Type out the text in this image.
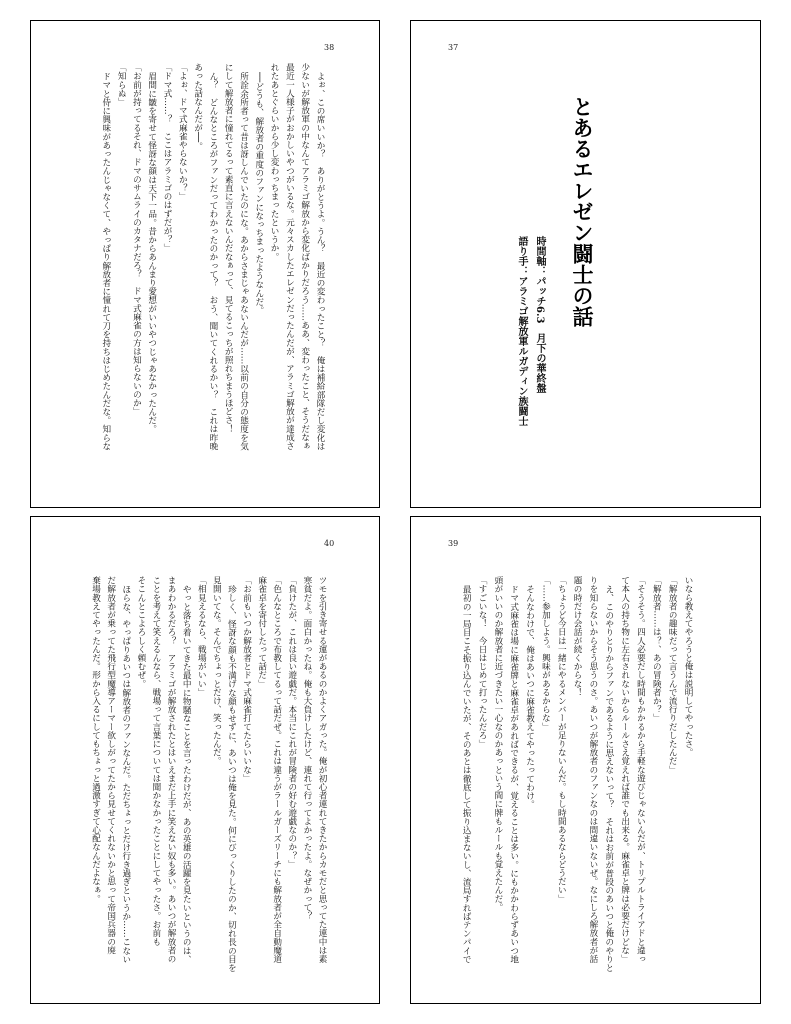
38
よぉ、この席いいか？　ありがとうよ。うん？　最近の変わったこと？　俺は補給部隊だし変化は
少ないが解放軍の中なんてアラミゴ解放から変化ばかりだろう……ああ、変わったこと、そうだなぁ
最近一人様子がおかしいやつがいるな。元々スカしたエレゼンだったんだが、アラミゴ解放が達成さ
れたあとぐらいから少し変わっちまったというか。
──どうも、解放者の重度のファンになっちまったようなんだ。
所詮余所者って昔は訝しんでいたのにな。あからさまじゃあないんだが……以前の自分の態度を気
にして解放者に憧れてるって素直に言えないんだなぁって、見てるこっちが照れちまうほどさ！
ん？　どんなところがファンだってわかったのかって？　おう、聞いてくれるかい？　これは昨晩
あった話なんだが──。
「よぉ、ドマ式麻雀やらないか？」
「ドマ式……？　ここはアラミゴのはずだが？」
眉間に皺を寄せて怪訝な顔は天下一品。昔からあんまり愛想がいいやつじゃあなかったんだ。
「お前が持ってるそれ、ドマのサムライのカタナだろ？　ドマ式麻雀の方は知らないのか」
「知らぬ」
ドマと侍に興味があったんじゃなくて、やっぱり解放者に憧れて刀を持ちはじめたんだな。知らな
37
とあるエレゼン闘士の話
時間軸：パッチ6.3　月下の華終盤
語り手：アラミゴ解放軍ルガディン族闘士
40
ツモを引き寄せる運があるのかよくアガった。俺が初心者連れてきたからカモだと思ってた連中は素
寒貧だよ。面白かったね。俺も大負けしたけど、連れて行ってよかったよ。なぜかって？
「負けたが、これは良い遊戯だ。本当にこれが冒険者の好む遊戯なのか？」
「色んなところで布教してるって話だぜ。これは違うがラールガーズリーチにも解放者が全自動魔道
麻雀卓を寄付したって話だ」
「お前もいつか解放者とドマ式麻雀打てたらいいな」
珍しく、怪訝な顔も不満げな顔もせずに、あいつは俺を見た。何にびっくりしたのか、切れ長の目を
見開いてな。そんでちょっとだけ、笑ったんだ。
「相見えるなら、戦場がいい」
やっと落ち着いてきた最中に物騒なことを言ったわけだが、あの英雄の活躍を見たいというのは、
まあわかるだろ？　アラミゴが解放されたとはいえまだ上手に笑えない奴も多い。あいつが解放者の
ことを考えて笑えるんなら、戦場って言葉については聞かなかったことにしてやったさ。お前も
そこんとこよろしく頼むぜ。
ほらな、やっぱりあいつは解放者のファンなんだ。ただちょっとだけ行き過ぎというか……こない
だ解放者が乗ってた飛行型魔導アーマー欲しがってたから見せてくれないかと思って帝国兵器の廃
棄場教えてやったんだ。形から入るにしてもちょっと過激すぎて心配なんだよなぁ。
39
いなら教えてやろうと俺は説明してやったさ。
「解放者の趣味だって言うんで流行りだしたんだ」
「解放者……は？、あの冒険者か？」
「そうそう。四人必要だし時間もかかるから手軽な遊びじゃないんだが、トリプルトライアドと違っ
て本人の持ち物に左右されないからルールさえ覚えれば誰でも出来る。麻雀卓と牌は必要だけどな」
え、このやりとりからファンであるように思えないって？　それはお前が普段のあいつと俺のやりと
りを知らないからそう思うのさ。あいつが解放者のファンなのは間違いないぜ。なにしろ解放者が話
題の時だけ会話が続くからな！
「ちょうど今日は一緒にやるメンバーが足りないんだ。もし時間あるならどうだい」
「……参加しよう。興味があるからな」
そんなわけで、俺はあいつに麻雀教えてやったってわけ。
ドマ式麻雀は場に麻雀牌と麻雀卓があればできるが、覚えることは多い。にもかかわらずあいつ地
頭がいいのか解放者に近づきたい一心なのかあっという間に牌もルールも覚えたんだ。
「すごいな！　今日はじめて打ったんだろ」
最初の一局目こそ振り込んでいたが、そのあとは徹底して振り込まないし、流局すればテンパイで
